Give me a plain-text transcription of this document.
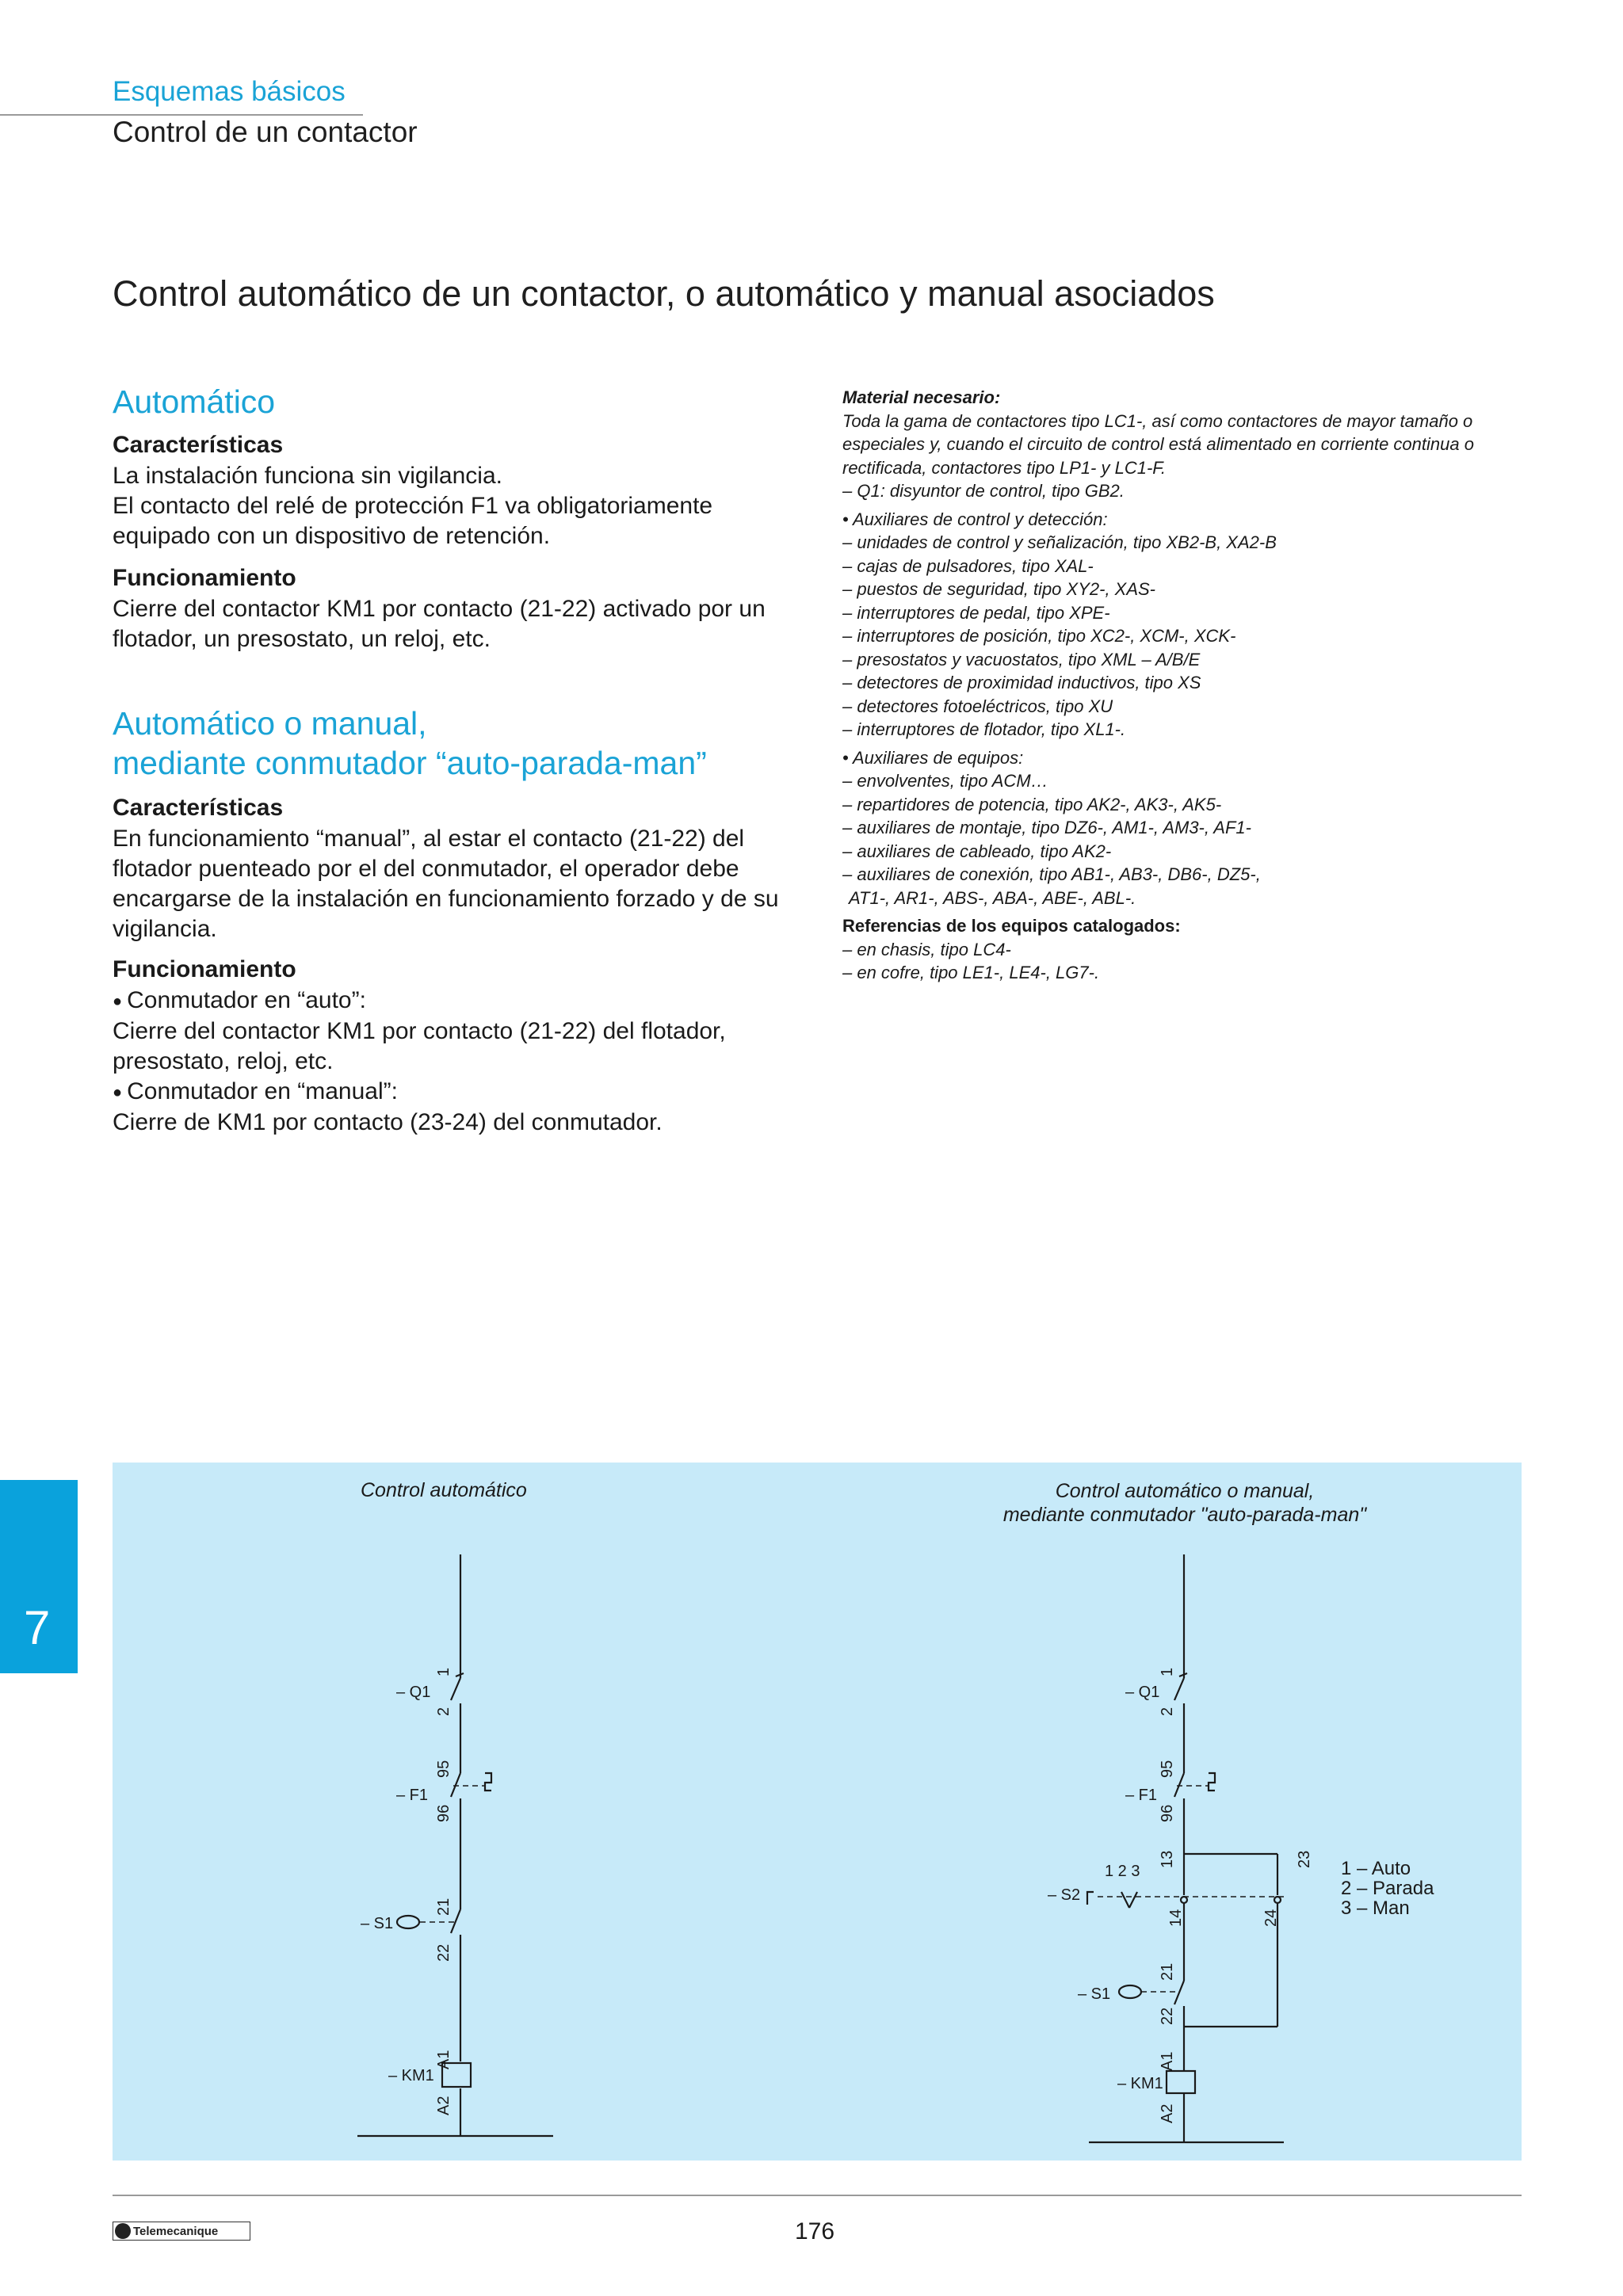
Esquemas básicos
Control de un contactor
Control automático de un contactor, o automático y manual asociados
Automático
Características

La instalación funciona sin vigilancia.

El contacto del relé de protección F1 va obligatoriamente equipado con un dispositivo de retención.

Funcionamiento

Cierre del contactor KM1 por contacto (21-22) activado por un flotador, un presostato, un reloj, etc.

Automático o manual,
mediante conmutador “auto-parada-man”
Características

En funcionamiento “manual”, al estar el contacto (21-22) del flotador puenteado por el del conmutador, el operador debe encargarse de la instalación en funcionamiento forzado y de su vigilancia.

Funcionamiento

● Conmutador en “auto”:

Cierre del contactor KM1 por contacto (21-22) del flotador, presostato, reloj, etc.

● Conmutador en “manual”:

Cierre de KM1 por contacto (23-24) del conmutador.

Material necesario:

Toda la gama de contactores tipo LC1-, así como contactores de mayor tamaño o especiales y, cuando el circuito de control está alimentado en corriente continua o rectificada, contactores tipo LP1- y LC1-F.

– Q1: disyuntor de control, tipo GB2.

• Auxiliares de control y detección:

– unidades de control y señalización, tipo XB2-B, XA2-B

– cajas de pulsadores, tipo XAL-

– puestos de seguridad, tipo XY2-, XAS-

– interruptores de pedal, tipo XPE-

– interruptores de posición, tipo XC2-, XCM-, XCK-

– presostatos y vacuostatos, tipo XML – A/B/E

– detectores de proximidad inductivos, tipo XS

– detectores fotoeléctricos, tipo XU

– interruptores de flotador, tipo XL1-.

• Auxiliares de equipos:

– envolventes, tipo ACM…

– repartidores de potencia, tipo AK2-, AK3-, AK5-

– auxiliares de montaje, tipo DZ6-, AM1-, AM3-, AF1-

– auxiliares de cableado, tipo AK2-

– auxiliares de conexión, tipo AB1-, AB3-, DB6-, DZ5-,

AT1-, AR1-, ABS-, ABA-, ABE-, ABL-.

Referencias de los equipos catalogados:

– en chasis, tipo LC4-

– en cofre, tipo LE1-, LE4-, LG7-.

7
Control automático	Control automático o manual,
mediante conmutador "auto-parada-man"
– Q1
– F1
– S1
– KM1
1
2
95
96
21
22
A1
A2
– Q1
– F1
– S2
– S1
– KM1
1 2 3
1
2
95
96
13
14
23
24
21
22
A1
A2
1 – Auto
2 – Parada
3 – Man
Telemecanique	176
